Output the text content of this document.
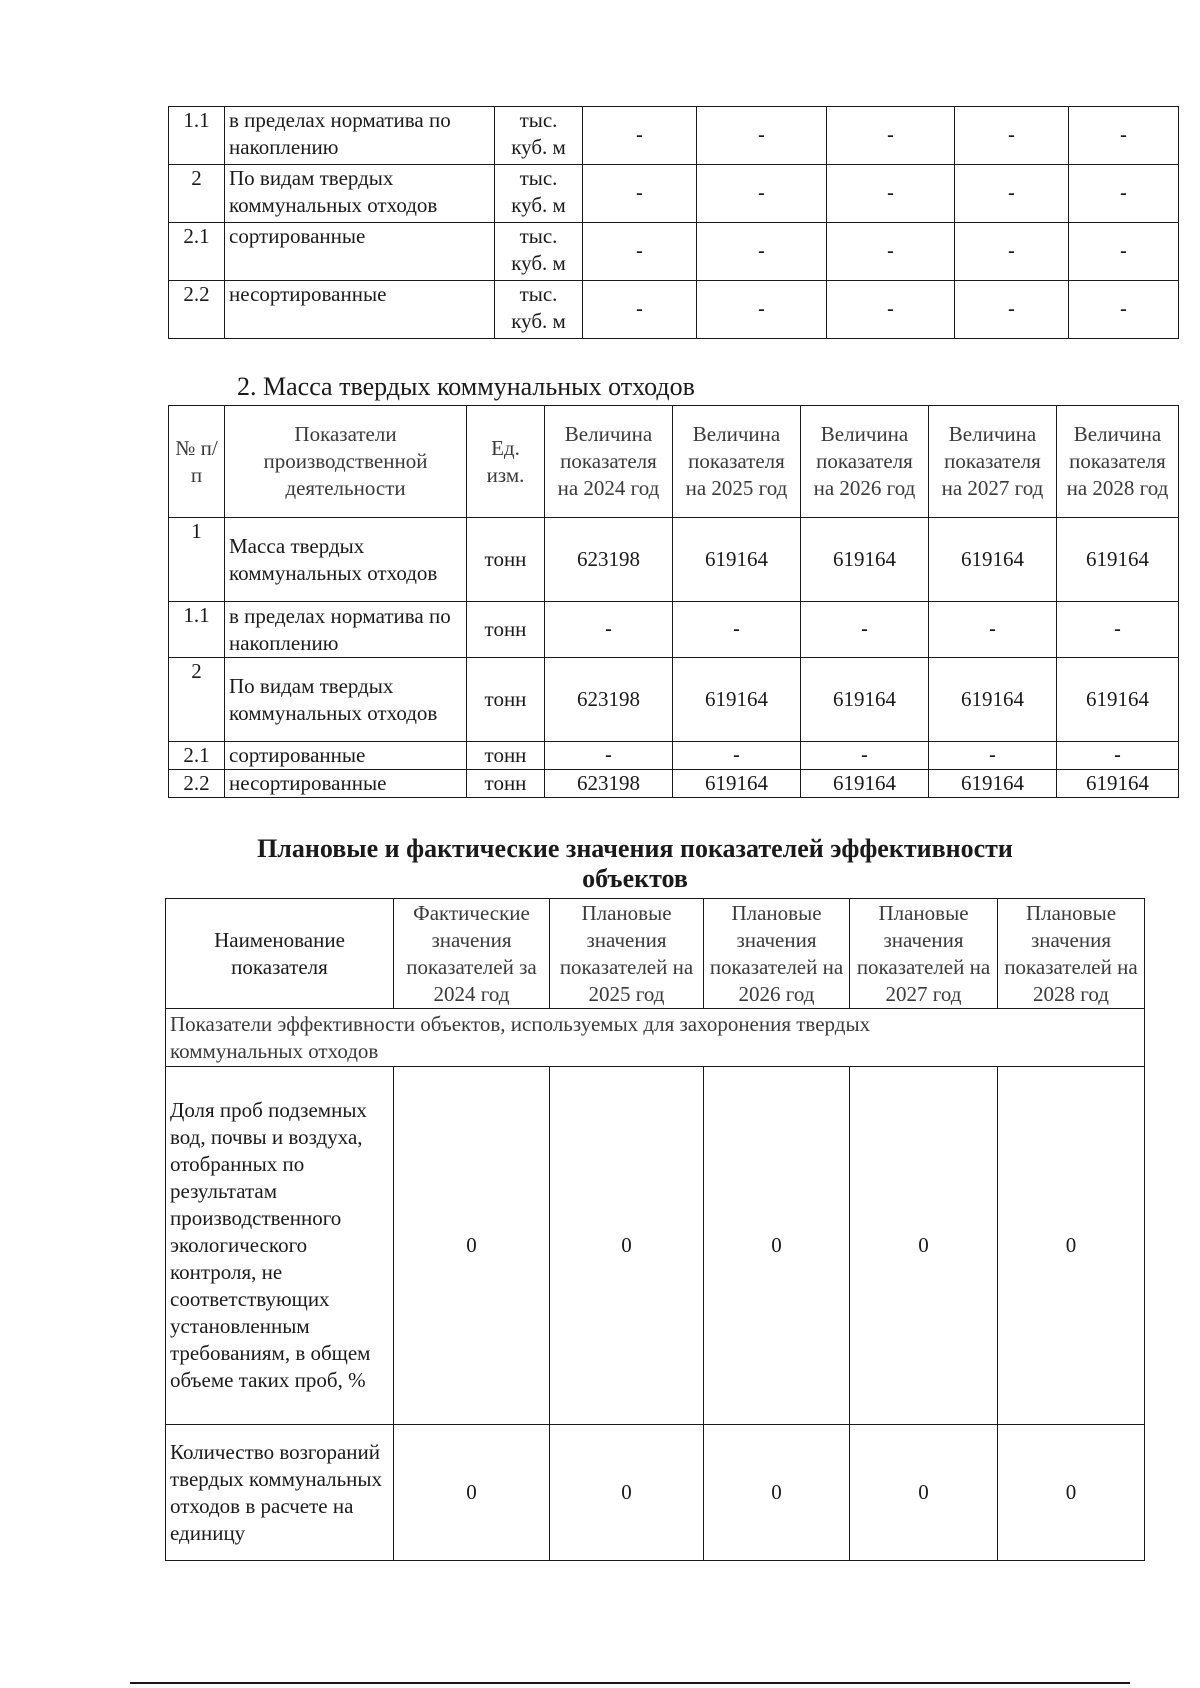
1.1	в пределах норматива по накоплению	тыс. куб. м	-	-	-	-	-
2	По видам твердых коммунальных отходов	тыс. куб. м	-	-	-	-	-
2.1	сортированные	тыс. куб. м	-	-	-	-	-
2.2	несортированные	тыс. куб. м	-	-	-	-	-
2. Масса твердых коммунальных отходов
№ п/п	Показатели производственной деятельности	Ед. изм.	Величина показателя на 2024 год	Величина показателя на 2025 год	Величина показателя на 2026 год	Величина показателя на 2027 год	Величина показателя на 2028 год
1	Масса твердых коммунальных отходов	тонн	623198	619164	619164	619164	619164
1.1	в пределах норматива по накоплению	тонн	-	-	-	-	-
2	По видам твердых коммунальных отходов	тонн	623198	619164	619164	619164	619164
2.1	сортированные	тонн	-	-	-	-	-
2.2	несортированные	тонн	623198	619164	619164	619164	619164
Плановые и фактические значения показателей эффективности объектов
Наименование показателя	Фактические значения показателей за 2024 год	Плановые значения показателей на 2025 год	Плановые значения показателей на 2026 год	Плановые значения показателей на 2027 год	Плановые значения показателей на 2028 год
Показатели эффективности объектов, используемых для захоронения твердых коммунальных отходов					
Доля проб подземных вод, почвы и воздуха, отобранных по результатам производственного экологического контроля, не соответствующих установленным требованиям, в общем объеме таких проб, %	0	0	0	0	0
Количество возгораний твердых коммунальных отходов в расчете на единицу	0	0	0	0	0
